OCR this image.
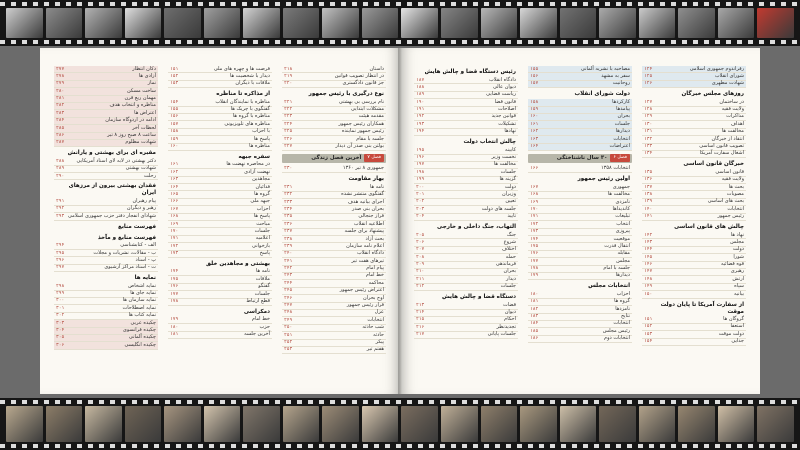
داستان
۲۱۸
در انتظار تصویب قوانین
۲۱۹
جز قانون دادگستری
۲۲۰
نوع درگیری با رئیس جمهور
نام بررسی بی بهشتی
۲۲۱
مشکلات ابتدایی
۲۲۲
مقدمه هیئت
۲۲۳
همکاران رئیس جمهور
۲۲۴
رئیس جمهور نماینده
۲۲۵
جلسه با مقام
۲۲۶
بولتن بنی صدر آن دیدار
۲۲۷
فصل ۷
آخرین فصل زندگی
جمهوری ۸ تیر ۱۳۶۰
۲۳۰
بهار مقاومت
نامه ها
۲۳۱
گفتگوی منتشر نشده
۲۳۲
اجرای بیانیه هدف
۲۳۳
بحران بنی صدر
۲۳۴
فراز جنجالی
۲۳۵
اطلاعیه انقلاب
۲۳۶
پیشنهاد برای جلسه
۲۳۷
بحث آزاد
۲۳۸
اعلام نامه سازمان
۲۳۹
دادگاه انقلاب
۲۴۰
تیرهای هفت تیر
۲۴۱
پیام امام
۲۴۲
خط امام
۲۴۳
محاکمه
۲۴۴
اعتراض رئیس جمهور
۲۴۵
اوج بحران
۲۴۶
فرار رئیس جمهور
۲۴۷
عزل
۲۴۸
انتخابات
۲۴۹
شب حادثه
۲۵۰
حادثه
۲۵۱
پیکر
۲۵۲
هفتم تیر
۲۵۳
فرصت ها و چهره های ملی
۱۵۱
دیدار با شخصیت ها
۱۵۲
ملاقات با دیگران
۱۵۳
از مذاکره تا مناظره
مناظره با نمایندگان انقلاب
۱۵۴
گفتگوی با چریک ها
۱۵۵
مناظره با گروه ها
۱۵۶
مناظره های تلویزیونی
۱۵۷
با احزاب
۱۵۸
پاسخ ها
۱۵۹
مناظره ها
۱۶۰
سفره جبهه
در محاصره نهضت ها
۱۶۱
نهضت آزادی
۱۶۲
مجاهدین
۱۶۳
فدائیان
۱۶۴
گروه ها
۱۶۵
جبهه ملی
۱۶۶
احزاب
۱۶۷
پاسخ ها
۱۶۸
مباحث
۱۶۹
جلسات
۱۷۰
اعلامیه
۱۷۱
بازخوانی
۱۷۲
پاسخ
۱۷۳
بهشتی و مجاهدین خلق
نامه ها
۱۷۴
ملاقات
۱۷۵
گفتگو
۱۷۶
جلسات
۱۷۷
قطع ارتباط
۱۷۸
دمکراسی
خط امام
۱۷۹
حزب
۱۸۰
آخرین جلسه
۱۸۱
دکان انتظار
۲۷۷
آزادی ها
۲۷۸
نماز
۲۷۹
ساخت مسکن
۲۸۰
مهمان ربع قرن
۲۸۱
مناظره و انتخاب هدف
۲۸۲
اعتراض ها
۲۸۳
ادامه در اردوگاه سازمان
۲۸۴
لحظات آخر
۲۸۵
ساعت ۸ صبح روز ۸ تیر
۲۸۶
شهادت مظلوم
۲۸۷
مقبره ای برای بهشتی و یارانش
دکتر بهشتی در لابه لای اسناد آمریکایی
۲۸۸
شهادت بهشتی
۲۸۹
رحلت
۲۹۰
فقدان بهشتی بیرون از مرزهای ایران
پیام رهبران
۲۹۱
رهبر و دیگران
۲۹۲
شهادای انفجار دفتر حزب جمهوری اسلامی
۲۹۳
فهرست منابع
فهرست منابع و مآخذ
الف - کتابشناسی
۲۹۴
ب - مقالات، نشریات و مجلات
۲۹۵
پ - اسناد
۲۹۶
ت - اسناد مراکز آرشیوی
۲۹۷
نمایه ها
نمایه اشخاص
۲۹۸
نمایه جای ها
۲۹۹
نمایه سازمان ها
۳۰۰
نمایه اصطلاحات
۳۰۱
نمایه کتاب ها
۳۰۲
چکیده عربی
۳۰۳
چکیده فرانسوی
۳۰۴
چکیده آلمانی
۳۰۵
چکیده انگلیسی
۳۰۶
رفراندوم جمهوری اسلامی
۱۲۴
شورای انقلاب
۱۲۵
شهادت مطهری
۱۲۶
روزهای مجلس خبرگان
در ساختمان
۱۲۷
ولایت فقیه
۱۲۸
مذاکرات
۱۲۹
اهداف
۱۳۰
مخالفت ها
۱۳۱
انتقاد از خبرگان
۱۳۲
تصویب قانون اساسی
۱۳۳
اشغال سفارت آمریکا
۱۳۴
خبرگان قانون اساسی
قانون اساسی
۱۳۵
ولایت فقیه
۱۳۶
بحث ها
۱۳۷
مصوبات
۱۳۸
بحث های اساسی
۱۳۹
انتخابات
۱۴۰
رئیس جمهور
۱۴۱
چالش های قانون اساسی
نهاد ها
۱۴۲
مجلس
۱۴۳
دولت
۱۴۴
شورا
۱۴۵
قوه قضائیه
۱۴۶
رهبری
۱۴۷
ارتش
۱۴۸
سپاه
۱۴۹
بیانیه
۱۵۰
از سفارت آمریکا تا پایان دولت موقت
گروگان ها
۱۵۱
استعفا
۱۵۲
دولت موقت
۱۵۳
جدایی
۱۵۴
مصاحبه با نشریه آلمانی
۱۵۵
سفر به مشهد
۱۵۶
روحانیت
۱۵۷
دولت شورای انقلاب
کارکردها
۱۵۸
پیامدها
۱۵۹
بحران
۱۶۰
جلسات
۱۶۱
دیدارها
۱۶۲
انتخابات
۱۶۳
اعتراضات
۱۶۴
فصل ۶
۳۰ سال ناشناختگی
انتخابات ۱۳۵۸
۱۶۶
اولین رئیس جمهور
جمهوری
۱۶۷
مخالفت ها
۱۶۸
نامزدی
۱۶۹
کاندیداها
۱۷۰
تبلیغات
۱۷۱
انتخاب
۱۷۲
پیروزی
۱۷۳
موقعیت
۱۷۴
انتقال قدرت
۱۷۵
مقابله
۱۷۶
مجلس
۱۷۷
جلسه با امام
۱۷۸
دیدارها
۱۷۹
انتخابات مجلس
احزاب
۱۸۰
گروه ها
۱۸۱
نامزدها
۱۸۲
نتایج
۱۸۳
انتخابات
۱۸۴
رئیس مجلس
۱۸۵
انتخابات دوم
۱۸۶
رئیس دستگاه قضا و چالش هایش
دادگاه انقلاب
۱۸۷
دیوان عالی
۱۸۸
ریاست قضایی
۱۸۹
قانون قضا
۱۹۰
اصلاحات
۱۹۱
قوانین جدید
۱۹۲
تشکیلات
۱۹۳
نهادها
۱۹۴
چالش انتخاب دولت
کابینه
۱۹۵
نخست وزیر
۱۹۶
مخالفت ها
۱۹۷
جلسات
۱۹۸
گزینه ها
۱۹۹
دولت
۲۰۰
وزیران
۲۰۱
تعیین
۲۰۲
جلسه های دولت
۲۰۳
تایید
۲۰۴
التهاب، جنگ داخلی و خارجی
جنگ
۲۰۵
شروع
۲۰۶
اختلاف
۲۰۷
حمله
۲۰۸
فرماندهی
۲۰۹
بحران
۲۱۰
دیدار
۲۱۱
جلسات
۲۱۲
دستگاه قضا و چالش هایش
قضات
۲۱۳
دیوان
۲۱۴
احکام
۲۱۵
تجدیدنظر
۲۱۶
جلسات پایانی
۲۱۷
